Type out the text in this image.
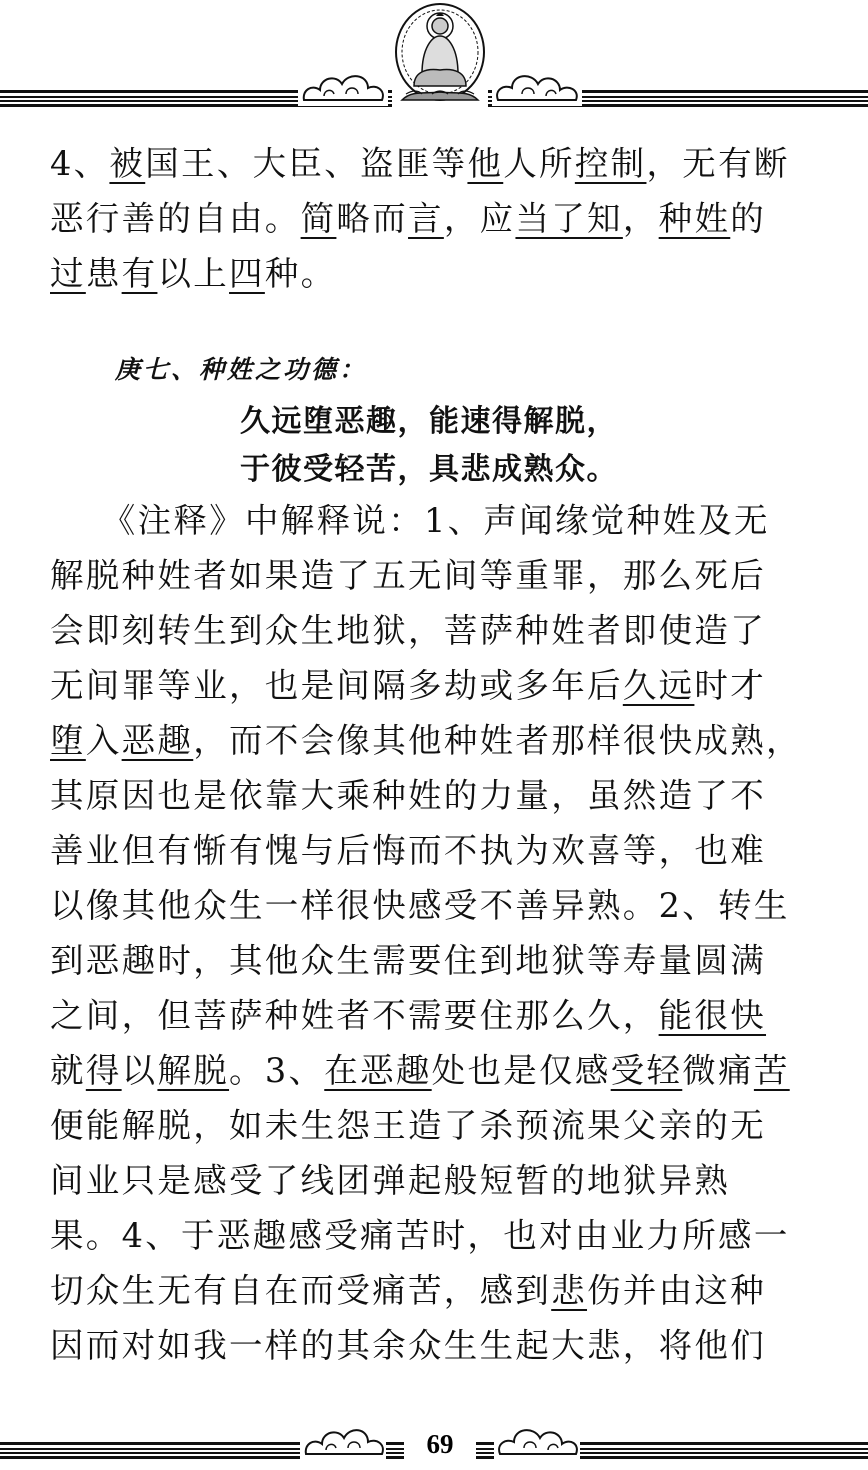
4、被国王、大臣、盗匪等他人所控制，无有断
恶行善的自由。简略而言，应当了知，种姓的
过患有以上四种。
庚七、种姓之功德：
久远堕恶趣，能速得解脱，
于彼受轻苦，具悲成熟众。
《注释》中解释说：1、声闻缘觉种姓及无
解脱种姓者如果造了五无间等重罪，那么死后
会即刻转生到众生地狱，菩萨种姓者即使造了
无间罪等业，也是间隔多劫或多年后久远时才
堕入恶趣，而不会像其他种姓者那样很快成熟，
其原因也是依靠大乘种姓的力量，虽然造了不
善业但有惭有愧与后悔而不执为欢喜等，也难
以像其他众生一样很快感受不善异熟。2、转生
到恶趣时，其他众生需要住到地狱等寿量圆满
之间，但菩萨种姓者不需要住那么久，能很快
就得以解脱。3、在恶趣处也是仅感受轻微痛苦
便能解脱，如未生怨王造了杀预流果父亲的无
间业只是感受了线团弹起般短暂的地狱异熟
果。4、于恶趣感受痛苦时，也对由业力所感一
切众生无有自在而受痛苦，感到悲伤并由这种
因而对如我一样的其余众生生起大悲，将他们
69
